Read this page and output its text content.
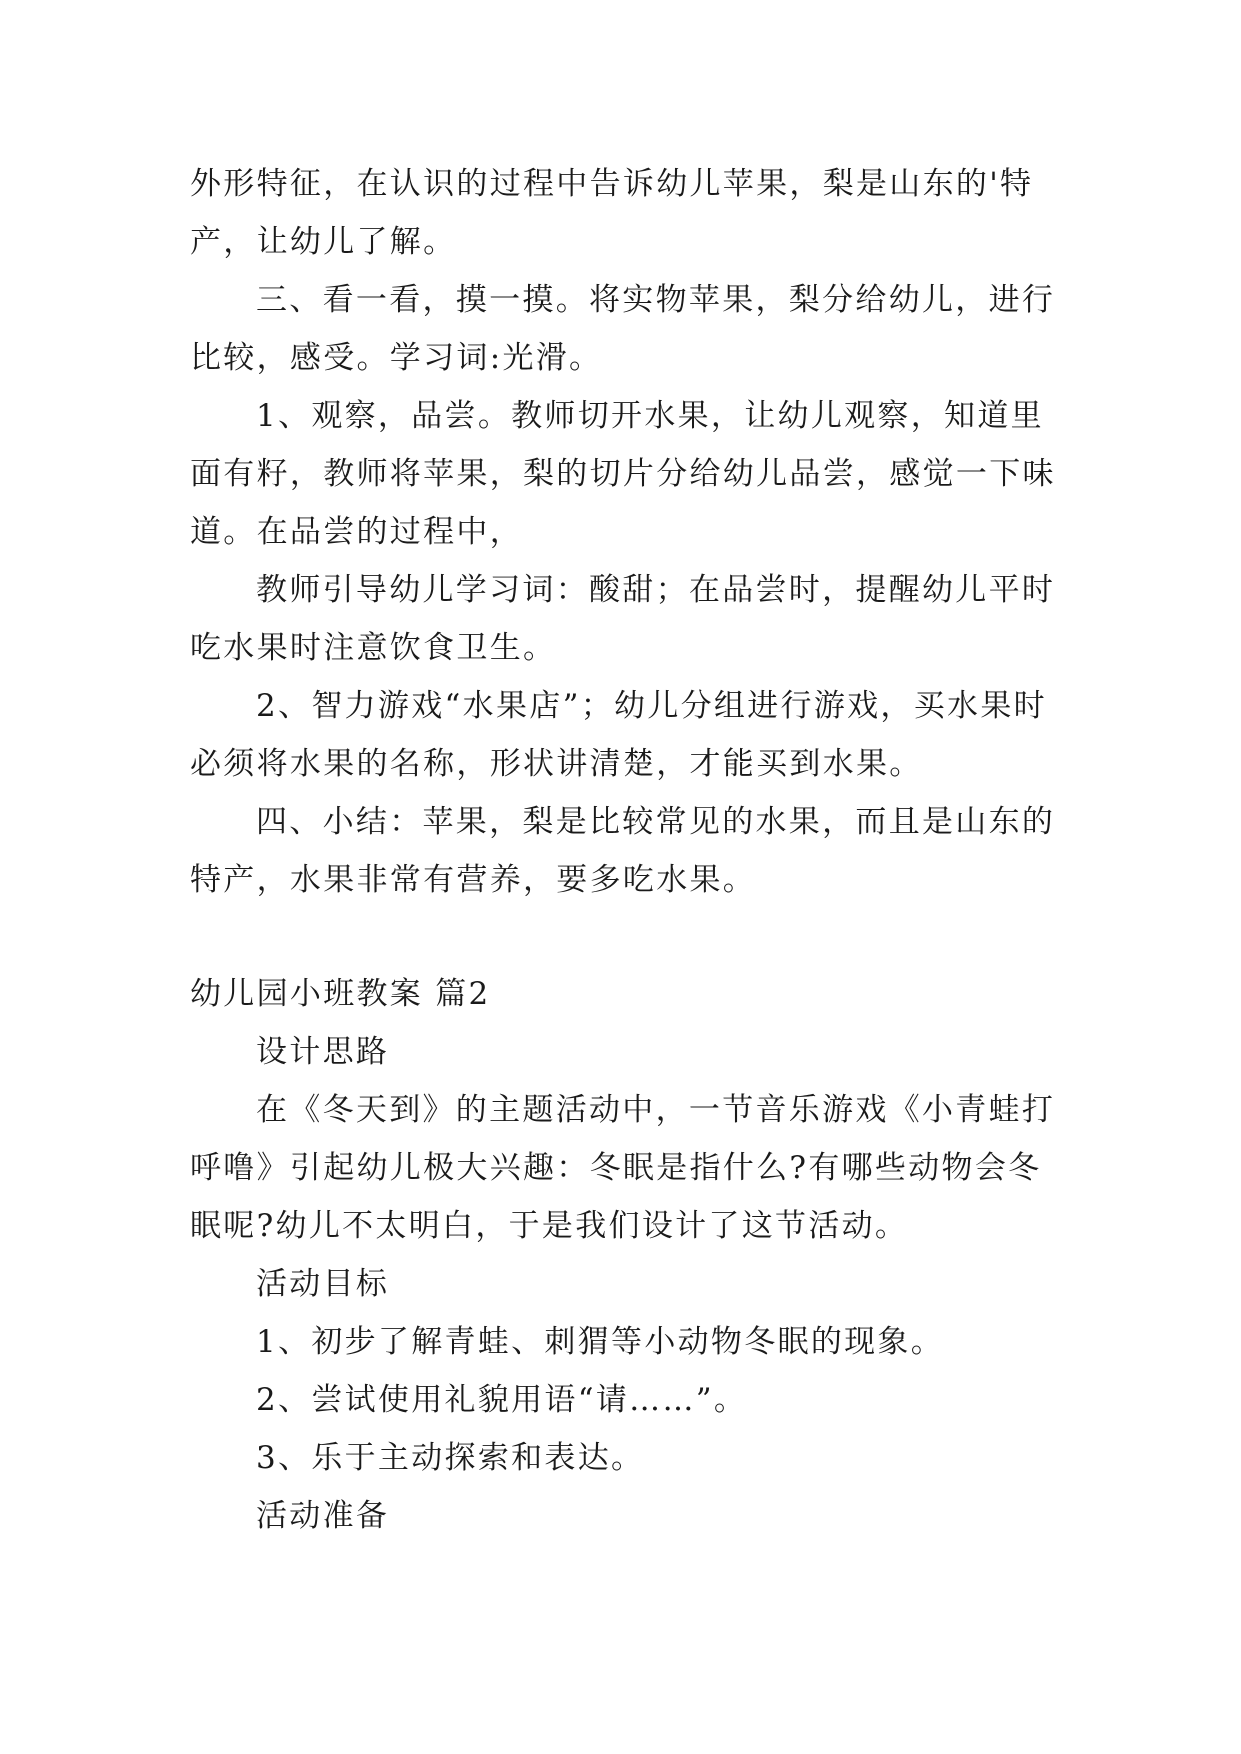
外形特征，在认识的过程中告诉幼儿苹果，梨是山东的'特
产，让幼儿了解。
三、看一看，摸一摸。将实物苹果，梨分给幼儿，进行
比较，感受。学习词:光滑。
1、观察，品尝。教师切开水果，让幼儿观察，知道里
面有籽，教师将苹果，梨的切片分给幼儿品尝，感觉一下味
道。在品尝的过程中，
教师引导幼儿学习词：酸甜；在品尝时，提醒幼儿平时
吃水果时注意饮食卫生。
2、智力游戏“水果店”；幼儿分组进行游戏，买水果时
必须将水果的名称，形状讲清楚，才能买到水果。
四、小结：苹果，梨是比较常见的水果，而且是山东的
特产，水果非常有营养，要多吃水果。
幼儿园小班教案 篇2
设计思路
在《冬天到》的主题活动中，一节音乐游戏《小青蛙打
呼噜》引起幼儿极大兴趣：冬眠是指什么?有哪些动物会冬
眠呢?幼儿不太明白，于是我们设计了这节活动。
活动目标
1、初步了解青蛙、刺猬等小动物冬眠的现象。
2、尝试使用礼貌用语“请……”。
3、乐于主动探索和表达。
活动准备
